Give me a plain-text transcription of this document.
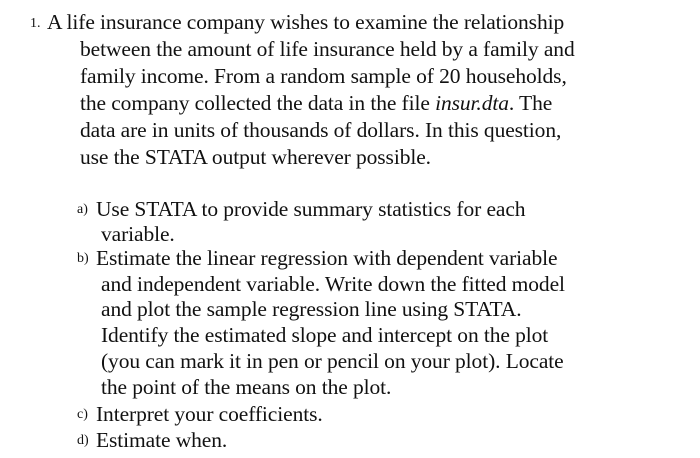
1. A life insurance company wishes to examine the relationship
between the amount of life insurance held by a family and
family income. From a random sample of 20 households,
the company collected the data in the file insur.dta. The
data are in units of thousands of dollars. In this question,
use the STATA output wherever possible.
a) Use STATA to provide summary statistics for each
variable.
b) Estimate the linear regression with dependent variable
and independent variable. Write down the fitted model
and plot the sample regression line using STATA.
Identify the estimated slope and intercept on the plot
(you can mark it in pen or pencil on your plot). Locate
the point of the means on the plot.
c) Interpret your coefficients.
d) Estimate when.
